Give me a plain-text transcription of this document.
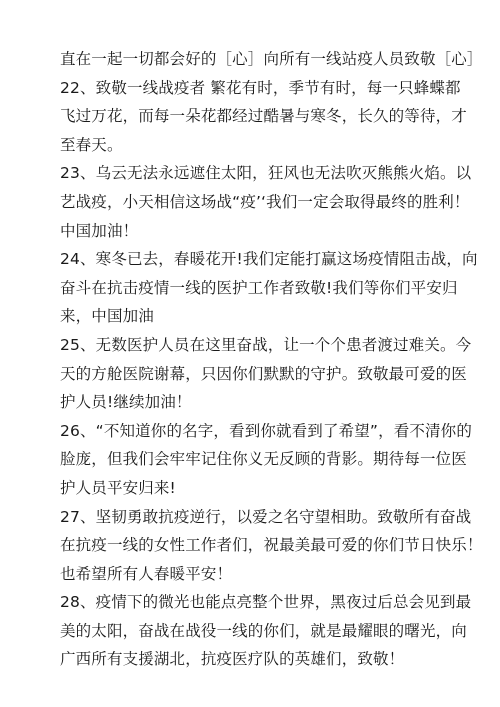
直在一起一切都会好的［心］向所有一线站疫人员致敬［心］
22、致敬一线战疫者 繁花有时，季节有时，每一只蜂蝶都
飞过万花，而每一朵花都经过酷暑与寒冬，长久的等待，才
至春天。
23、乌云无法永远遮住太阳，狂风也无法吹灭熊熊火焰。以
艺战疫，小天相信这场战“疫’‘我们一定会取得最终的胜利！
中国加油！
24、寒冬已去，春暖花开!我们定能打赢这场疫情阻击战，向
奋斗在抗击疫情一线的医护工作者致敬!我们等你们平安归
来，中国加油
25、无数医护人员在这里奋战，让一个个患者渡过难关。今
天的方舱医院谢幕，只因你们默默的守护。致敬最可爱的医
护人员!继续加油！
26、“不知道你的名字，看到你就看到了希望”，看不清你的
脸庞，但我们会牢牢记住你义无反顾的背影。期待每一位医
护人员平安归来!
27、坚韧勇敢抗疫逆行，以爱之名守望相助。致敬所有奋战
在抗疫一线的女性工作者们，祝最美最可爱的你们节日快乐！
也希望所有人春暖平安！
28、疫情下的微光也能点亮整个世界，黑夜过后总会见到最
美的太阳，奋战在战役一线的你们，就是最耀眼的曙光，向
广西所有支援湖北，抗疫医疗队的英雄们，致敬！
